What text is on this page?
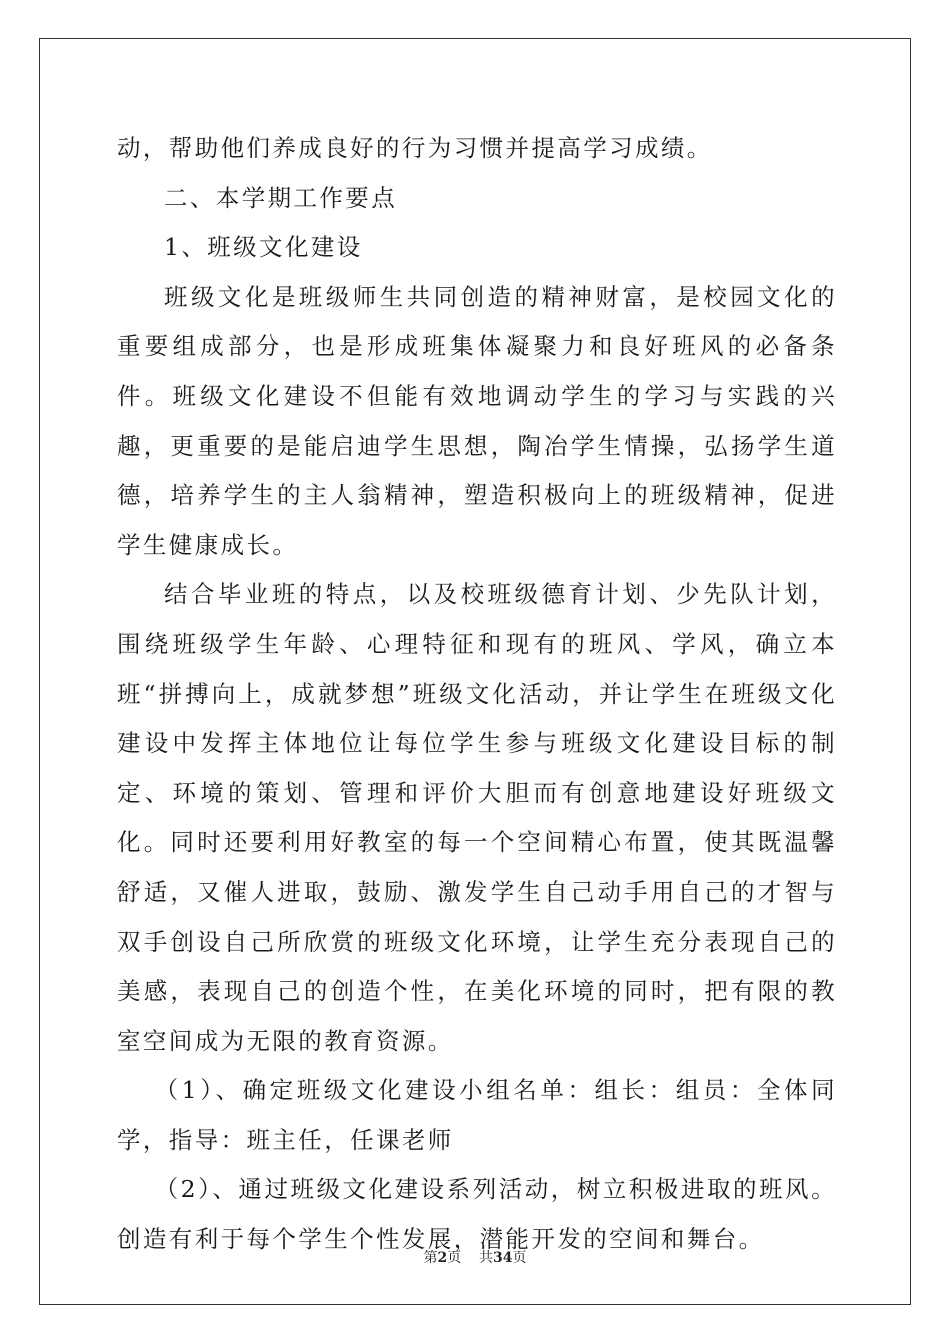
动，帮助他们养成良好的行为习惯并提高学习成绩。

二、本学期工作要点

1、班级文化建设

班级文化是班级师生共同创造的精神财富，是校园文化的重要组成部分，也是形成班集体凝聚力和良好班风的必备条件。班级文化建设不但能有效地调动学生的学习与实践的兴趣，更重要的是能启迪学生思想，陶冶学生情操，弘扬学生道德，培养学生的主人翁精神，塑造积极向上的班级精神，促进学生健康成长。

结合毕业班的特点，以及校班级德育计划、少先队计划，围绕班级学生年龄、心理特征和现有的班风、学风，确立本班“拼搏向上，成就梦想”班级文化活动，并让学生在班级文化建设中发挥主体地位让每位学生参与班级文化建设目标的制定、环境的策划、管理和评价大胆而有创意地建设好班级文化。同时还要利用好教室的每一个空间精心布置，使其既温馨舒适，又催人进取，鼓励、激发学生自己动手用自己的才智与双手创设自己所欣赏的班级文化环境，让学生充分表现自己的美感，表现自己的创造个性，在美化环境的同时，把有限的教室空间成为无限的教育资源。

（1）、确定班级文化建设小组名单：组长：组员：全体同学，指导：班主任，任课老师

（2）、通过班级文化建设系列活动，树立积极进取的班风。创造有利于每个学生个性发展，潜能开发的空间和舞台。

第2页 共34页
